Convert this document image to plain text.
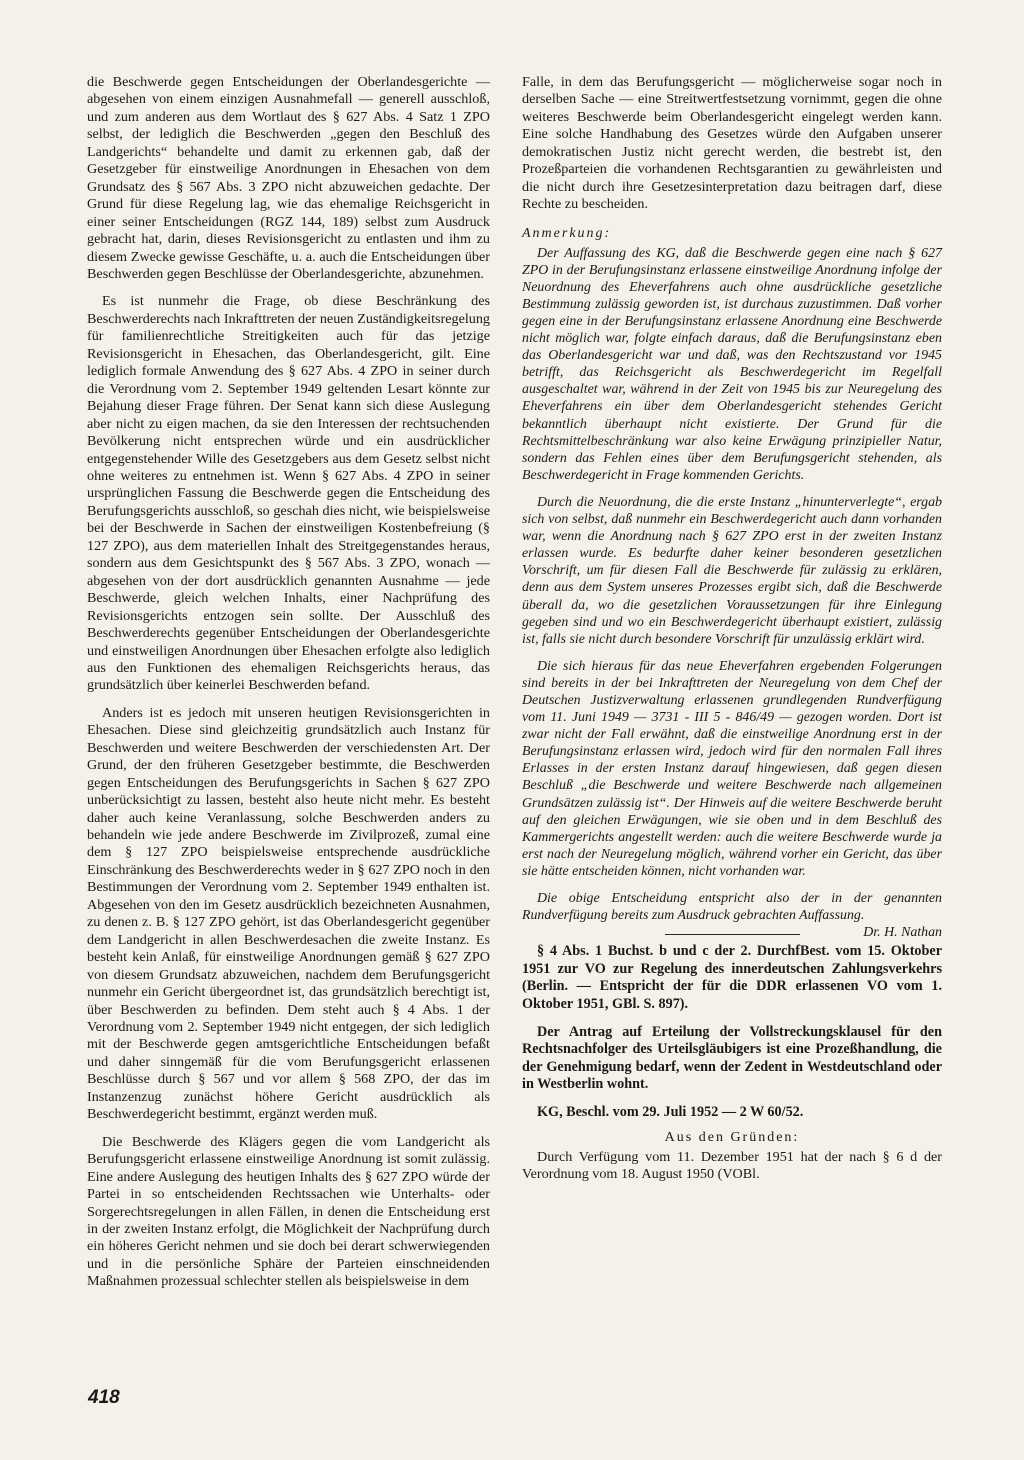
die Beschwerde gegen Entscheidungen der Oberlandesgerichte — abgesehen von einem einzigen Ausnahmefall — generell ausschloß, und zum anderen aus dem Wortlaut des § 627 Abs. 4 Satz 1 ZPO selbst, der lediglich die Beschwerden „gegen den Beschluß des Landgerichts“ behandelte und damit zu erkennen gab, daß der Gesetzgeber für einstweilige Anordnungen in Ehesachen von dem Grundsatz des § 567 Abs. 3 ZPO nicht abzuweichen gedachte. Der Grund für diese Regelung lag, wie das ehemalige Reichsgericht in einer seiner Entscheidungen (RGZ 144, 189) selbst zum Ausdruck gebracht hat, darin, dieses Revisionsgericht zu entlasten und ihm zu diesem Zwecke gewisse Geschäfte, u. a. auch die Entscheidungen über Beschwerden gegen Beschlüsse der Oberlandesgerichte, abzunehmen.

Es ist nunmehr die Frage, ob diese Beschränkung des Beschwerderechts nach Inkrafttreten der neuen Zuständigkeitsregelung für familienrechtliche Streitigkeiten auch für das jetzige Revisionsgericht in Ehesachen, das Oberlandesgericht, gilt. Eine lediglich formale Anwendung des § 627 Abs. 4 ZPO in seiner durch die Verordnung vom 2. September 1949 geltenden Lesart könnte zur Bejahung dieser Frage führen. Der Senat kann sich diese Auslegung aber nicht zu eigen machen, da sie den Interessen der rechtsuchenden Bevölkerung nicht entsprechen würde und ein ausdrücklicher entgegenstehender Wille des Gesetzgebers aus dem Gesetz selbst nicht ohne weiteres zu entnehmen ist. Wenn § 627 Abs. 4 ZPO in seiner ursprünglichen Fassung die Beschwerde gegen die Entscheidung des Berufungsgerichts ausschloß, so geschah dies nicht, wie beispielsweise bei der Beschwerde in Sachen der einstweiligen Kostenbefreiung (§ 127 ZPO), aus dem materiellen Inhalt des Streitgegenstandes heraus, sondern aus dem Gesichtspunkt des § 567 Abs. 3 ZPO, wonach — abgesehen von der dort ausdrücklich genannten Ausnahme — jede Beschwerde, gleich welchen Inhalts, einer Nachprüfung des Revisionsgerichts entzogen sein sollte. Der Ausschluß des Beschwerderechts gegenüber Entscheidungen der Oberlandesgerichte und einstweiligen Anordnungen über Ehesachen erfolgte also lediglich aus den Funktionen des ehemaligen Reichsgerichts heraus, das grundsätzlich über keinerlei Beschwerden befand.

Anders ist es jedoch mit unseren heutigen Revisionsgerichten in Ehesachen. Diese sind gleichzeitig grundsätzlich auch Instanz für Beschwerden und weitere Beschwerden der verschiedensten Art. Der Grund, der den früheren Gesetzgeber bestimmte, die Beschwerden gegen Entscheidungen des Berufungsgerichts in Sachen § 627 ZPO unberücksichtigt zu lassen, besteht also heute nicht mehr. Es besteht daher auch keine Veranlassung, solche Beschwerden anders zu behandeln wie jede andere Beschwerde im Zivilprozeß, zumal eine dem § 127 ZPO beispielsweise entsprechende ausdrückliche Einschränkung des Beschwerderechts weder in § 627 ZPO noch in den Bestimmungen der Verordnung vom 2. September 1949 enthalten ist. Abgesehen von den im Gesetz ausdrücklich bezeichneten Ausnahmen, zu denen z. B. § 127 ZPO gehört, ist das Oberlandesgericht gegenüber dem Landgericht in allen Beschwerdesachen die zweite Instanz. Es besteht kein Anlaß, für einstweilige Anordnungen gemäß § 627 ZPO von diesem Grundsatz abzuweichen, nachdem dem Berufungsgericht nunmehr ein Gericht übergeordnet ist, das grundsätzlich berechtigt ist, über Beschwerden zu befinden. Dem steht auch § 4 Abs. 1 der Verordnung vom 2. September 1949 nicht entgegen, der sich lediglich mit der Beschwerde gegen amtsgerichtliche Entscheidungen befaßt und daher sinngemäß für die vom Berufungsgericht erlassenen Beschlüsse durch § 567 und vor allem § 568 ZPO, der das im Instanzenzug zunächst höhere Gericht ausdrücklich als Beschwerdegericht bestimmt, ergänzt werden muß.

Die Beschwerde des Klägers gegen die vom Landgericht als Berufungsgericht erlassene einstweilige Anordnung ist somit zulässig. Eine andere Auslegung des heutigen Inhalts des § 627 ZPO würde der Partei in so entscheidenden Rechtssachen wie Unterhalts- oder Sorgerechtsregelungen in allen Fällen, in denen die Entscheidung erst in der zweiten Instanz erfolgt, die Möglichkeit der Nachprüfung durch ein höheres Gericht nehmen und sie doch bei derart schwerwiegenden und in die persönliche Sphäre der Parteien einschneidenden Maßnahmen prozessual schlechter stellen als beispielsweise in dem

Falle, in dem das Berufungsgericht — möglicherweise sogar noch in derselben Sache — eine Streitwertfestsetzung vornimmt, gegen die ohne weiteres Beschwerde beim Oberlandesgericht eingelegt werden kann. Eine solche Handhabung des Gesetzes würde den Aufgaben unserer demokratischen Justiz nicht gerecht werden, die bestrebt ist, den Prozeßparteien die vorhandenen Rechtsgarantien zu gewährleisten und die nicht durch ihre Gesetzesinterpretation dazu beitragen darf, diese Rechte zu bescheiden.

Anmerkung:

Der Auffassung des KG, daß die Beschwerde gegen eine nach § 627 ZPO in der Berufungsinstanz erlassene einstweilige Anordnung infolge der Neuordnung des Eheverfahrens auch ohne ausdrückliche gesetzliche Bestimmung zulässig geworden ist, ist durchaus zuzustimmen. Daß vorher gegen eine in der Berufungsinstanz erlassene Anordnung eine Beschwerde nicht möglich war, folgte einfach daraus, daß die Berufungsinstanz eben das Oberlandesgericht war und daß, was den Rechtszustand vor 1945 betrifft, das Reichsgericht als Beschwerdegericht im Regelfall ausgeschaltet war, während in der Zeit von 1945 bis zur Neuregelung des Eheverfahrens ein über dem Oberlandesgericht stehendes Gericht bekanntlich überhaupt nicht existierte. Der Grund für die Rechtsmittelbeschränkung war also keine Erwägung prinzipieller Natur, sondern das Fehlen eines über dem Berufungsgericht stehenden, als Beschwerdegericht in Frage kommenden Gerichts.

Durch die Neuordnung, die die erste Instanz „hinunterverlegte“, ergab sich von selbst, daß nunmehr ein Beschwerdegericht auch dann vorhanden war, wenn die Anordnung nach § 627 ZPO erst in der zweiten Instanz erlassen wurde. Es bedurfte daher keiner besonderen gesetzlichen Vorschrift, um für diesen Fall die Beschwerde für zulässig zu erklären, denn aus dem System unseres Prozesses ergibt sich, daß die Beschwerde überall da, wo die gesetzlichen Voraussetzungen für ihre Einlegung gegeben sind und wo ein Beschwerdegericht überhaupt existiert, zulässig ist, falls sie nicht durch besondere Vorschrift für unzulässig erklärt wird.

Die sich hieraus für das neue Eheverfahren ergebenden Folgerungen sind bereits in der bei Inkrafttreten der Neuregelung von dem Chef der Deutschen Justizverwaltung erlassenen grundlegenden Rundverfügung vom 11. Juni 1949 — 3731 - III 5 - 846/49 — gezogen worden. Dort ist zwar nicht der Fall erwähnt, daß die einstweilige Anordnung erst in der Berufungsinstanz erlassen wird, jedoch wird für den normalen Fall ihres Erlasses in der ersten Instanz darauf hingewiesen, daß gegen diesen Beschluß „die Beschwerde und weitere Beschwerde nach allgemeinen Grundsätzen zulässig ist“. Der Hinweis auf die weitere Beschwerde beruht auf den gleichen Erwägungen, wie sie oben und in dem Beschluß des Kammergerichts angestellt werden: auch die weitere Beschwerde wurde ja erst nach der Neuregelung möglich, während vorher ein Gericht, das über sie hätte entscheiden können, nicht vorhanden war.

Die obige Entscheidung entspricht also der in der genannten Rundverfügung bereits zum Ausdruck gebrachten Auffassung.
Dr. H. Nathan

§ 4 Abs. 1 Buchst. b und c der 2. DurchfBest. vom 15. Oktober 1951 zur VO zur Regelung des innerdeutschen Zahlungsverkehrs (Berlin. — Entspricht der für die DDR erlassenen VO vom 1. Oktober 1951, GBl. S. 897).

Der Antrag auf Erteilung der Vollstreckungsklausel für den Rechtsnachfolger des Urteilsgläubigers ist eine Prozeßhandlung, die der Genehmigung bedarf, wenn der Zedent in Westdeutschland oder in Westberlin wohnt.

KG, Beschl. vom 29. Juli 1952 — 2 W 60/52.

Aus den Gründen:

Durch Verfügung vom 11. Dezember 1951 hat der nach § 6 d der Verordnung vom 18. August 1950 (VOBl.

418
